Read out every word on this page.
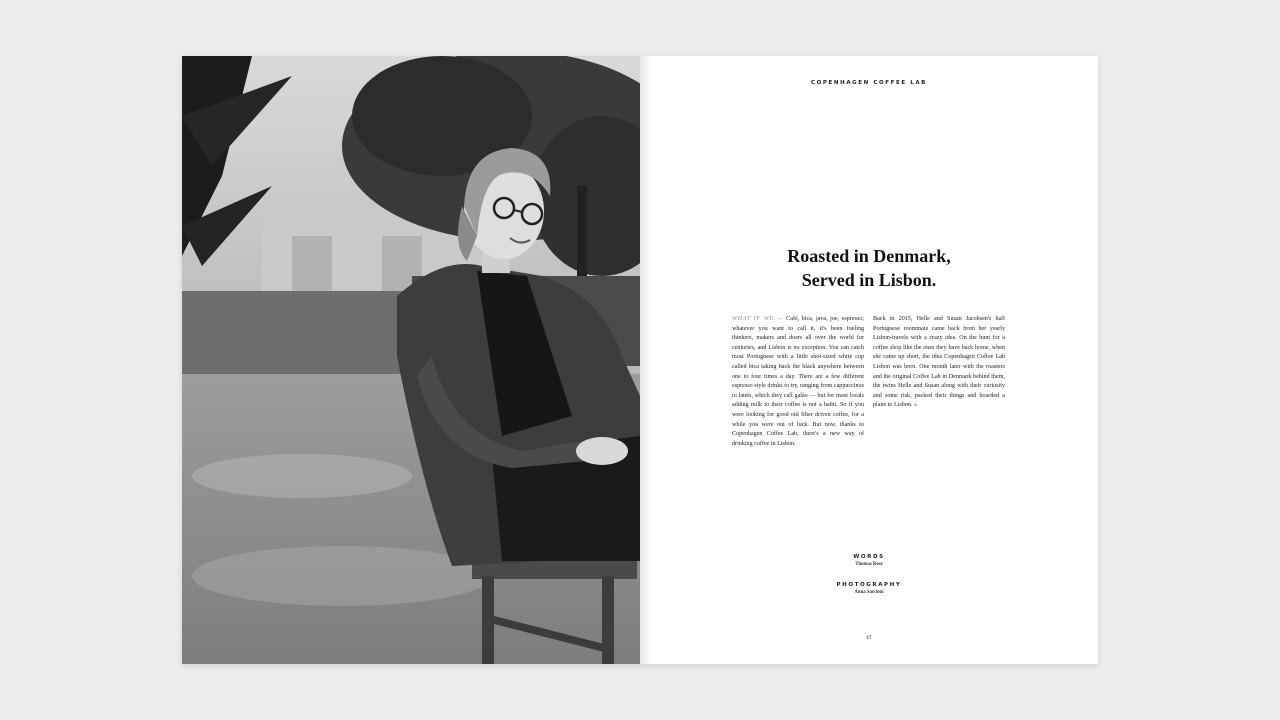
COPENHAGEN COFFEE LAB
Roasted in Denmark,
Served in Lisbon.

WHAT IF WE — Café, bica, java, joe, espresso; whatever you want to call it, it's been fueling thinkers, makers and doers all over the world for centuries, and Lisbon is no exception. You can catch most Portuguese with a little shot-sized white cup called bica taking back the black anywhere between one to four times a day. There are a few different espresso style drinks to try, ranging from cappuccinos to lattés, which they call galão — but for most locals adding milk to their coffee is not a habit. So if you were looking for good old filter driven coffee, for a while you were out of luck. But now, thanks to Copenhagen Coffee Lab, there's a new way of drinking coffee in Lisbon.

Back in 2015, Helle and Susan Jacobsen's half Portuguese roommate came back from her yearly Lisbon-travels with a crazy idea. On the hunt for a coffee shop like the ones they have back home, when she came up short, the idea Copenhagen Coffee Lab Lisbon was born. One month later with the roasters and the original Coffee Lab in Denmark behind them, the twins Helle and Susan along with their curiosity and some risk, packed their things and boarded a plane to Lisbon. »

WORDS
Thomas Rose
PHOTOGRAPHY
Anna Sarcleni
17
